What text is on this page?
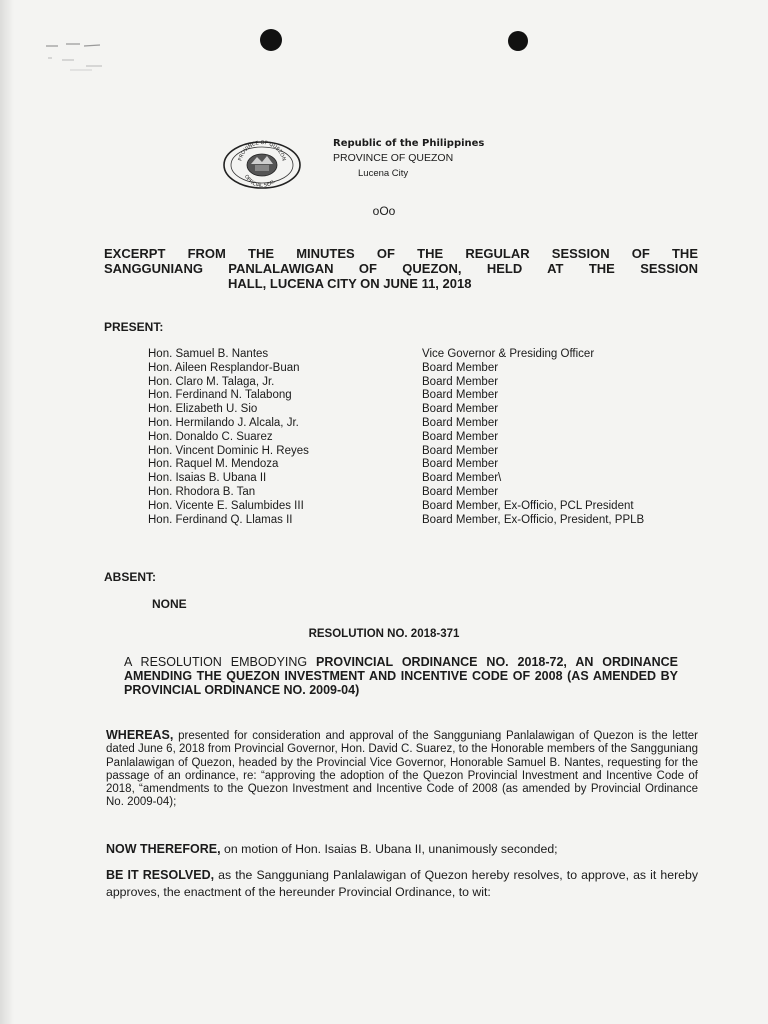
PROVINCE OF QUEZON
OFFICIAL SEAL
Republic of the Philippines
PROVINCE OF QUEZON
Lucena City
oOo
EXCERPT FROM THE MINUTES OF THE REGULAR SESSION OF THE
SANGGUNIANG PANLALAWIGAN OF QUEZON, HELD AT THE SESSION
HALL, LUCENA CITY ON JUNE 11, 2018
PRESENT:
Hon. Samuel B. Nantes	Vice Governor & Presiding Officer
Hon. Aileen Resplandor-Buan	Board Member
Hon. Claro M. Talaga, Jr.	Board Member
Hon. Ferdinand N. Talabong	Board Member
Hon. Elizabeth U. Sio	Board Member
Hon. Hermilando J. Alcala, Jr.	Board Member
Hon. Donaldo C. Suarez	Board Member
Hon. Vincent Dominic H. Reyes	Board Member
Hon. Raquel M. Mendoza	Board Member
Hon. Isaias B. Ubana II	Board Member\
Hon. Rhodora B. Tan	Board Member
Hon. Vicente E. Salumbides III	Board Member, Ex-Officio, PCL President
Hon. Ferdinand Q. Llamas II	Board Member, Ex-Officio, President, PPLB
ABSENT:
NONE
RESOLUTION NO. 2018-371
A RESOLUTION EMBODYING PROVINCIAL ORDINANCE NO. 2018-72, AN ORDINANCE AMENDING THE QUEZON INVESTMENT AND INCENTIVE CODE OF 2008 (AS AMENDED BY PROVINCIAL ORDINANCE NO. 2009-04)
WHEREAS, presented for consideration and approval of the Sangguniang Panlalawigan of Quezon is the letter dated June 6, 2018 from Provincial Governor, Hon. David C. Suarez, to the Honorable members of the Sangguniang Panlalawigan of Quezon, headed by the Provincial Vice Governor, Honorable Samuel B. Nantes, requesting for the passage of an ordinance, re: “approving the adoption of the Quezon Provincial Investment and Incentive Code of 2018, “amendments to the Quezon Investment and Incentive Code of 2008 (as amended by Provincial Ordinance No. 2009-04);
NOW THEREFORE, on motion of Hon. Isaias B. Ubana II, unanimously seconded;
BE IT RESOLVED, as the Sangguniang Panlalawigan of Quezon hereby resolves, to approve, as it hereby approves, the enactment of the hereunder Provincial Ordinance, to wit:
